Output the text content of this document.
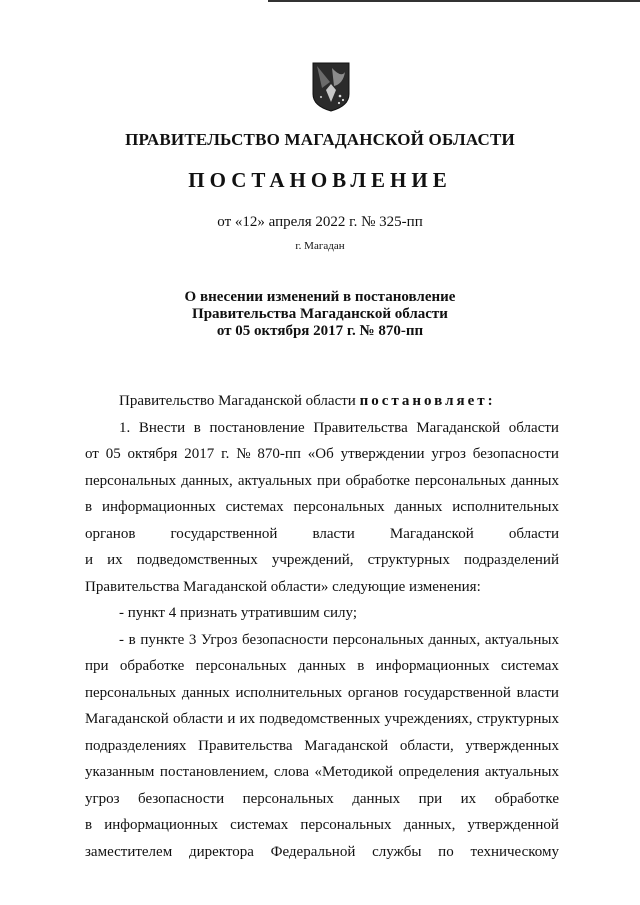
ПРАВИТЕЛЬСТВО МАГАДАНСКОЙ ОБЛАСТИ
ПОСТАНОВЛЕНИЕ
от «12» апреля 2022 г. № 325-пп
г. Магадан
О внесении изменений в постановление
Правительства Магаданской области
от 05 октября 2017 г. № 870-пп
Правительство Магаданской области постановляет:
1. Внести в постановление Правительства Магаданской области
от 05 октября 2017 г. № 870-пп «Об утверждении угроз безопасности
персональных данных, актуальных при обработке персональных данных
в информационных системах персональных данных исполнительных
органов государственной власти Магаданской области
и их подведомственных учреждений, структурных подразделений
Правительства Магаданской области» следующие изменения:
- пункт 4 признать утратившим силу;
- в пункте 3 Угроз безопасности персональных данных, актуальных
при обработке персональных данных в информационных системах
персональных данных исполнительных органов государственной власти
Магаданской области и их подведомственных учреждениях, структурных
подразделениях Правительства Магаданской области, утвержденных
указанным постановлением, слова «Методикой определения актуальных
угроз безопасности персональных данных при их обработке
в информационных системах персональных данных, утвержденной
заместителем директора Федеральной службы по техническому
